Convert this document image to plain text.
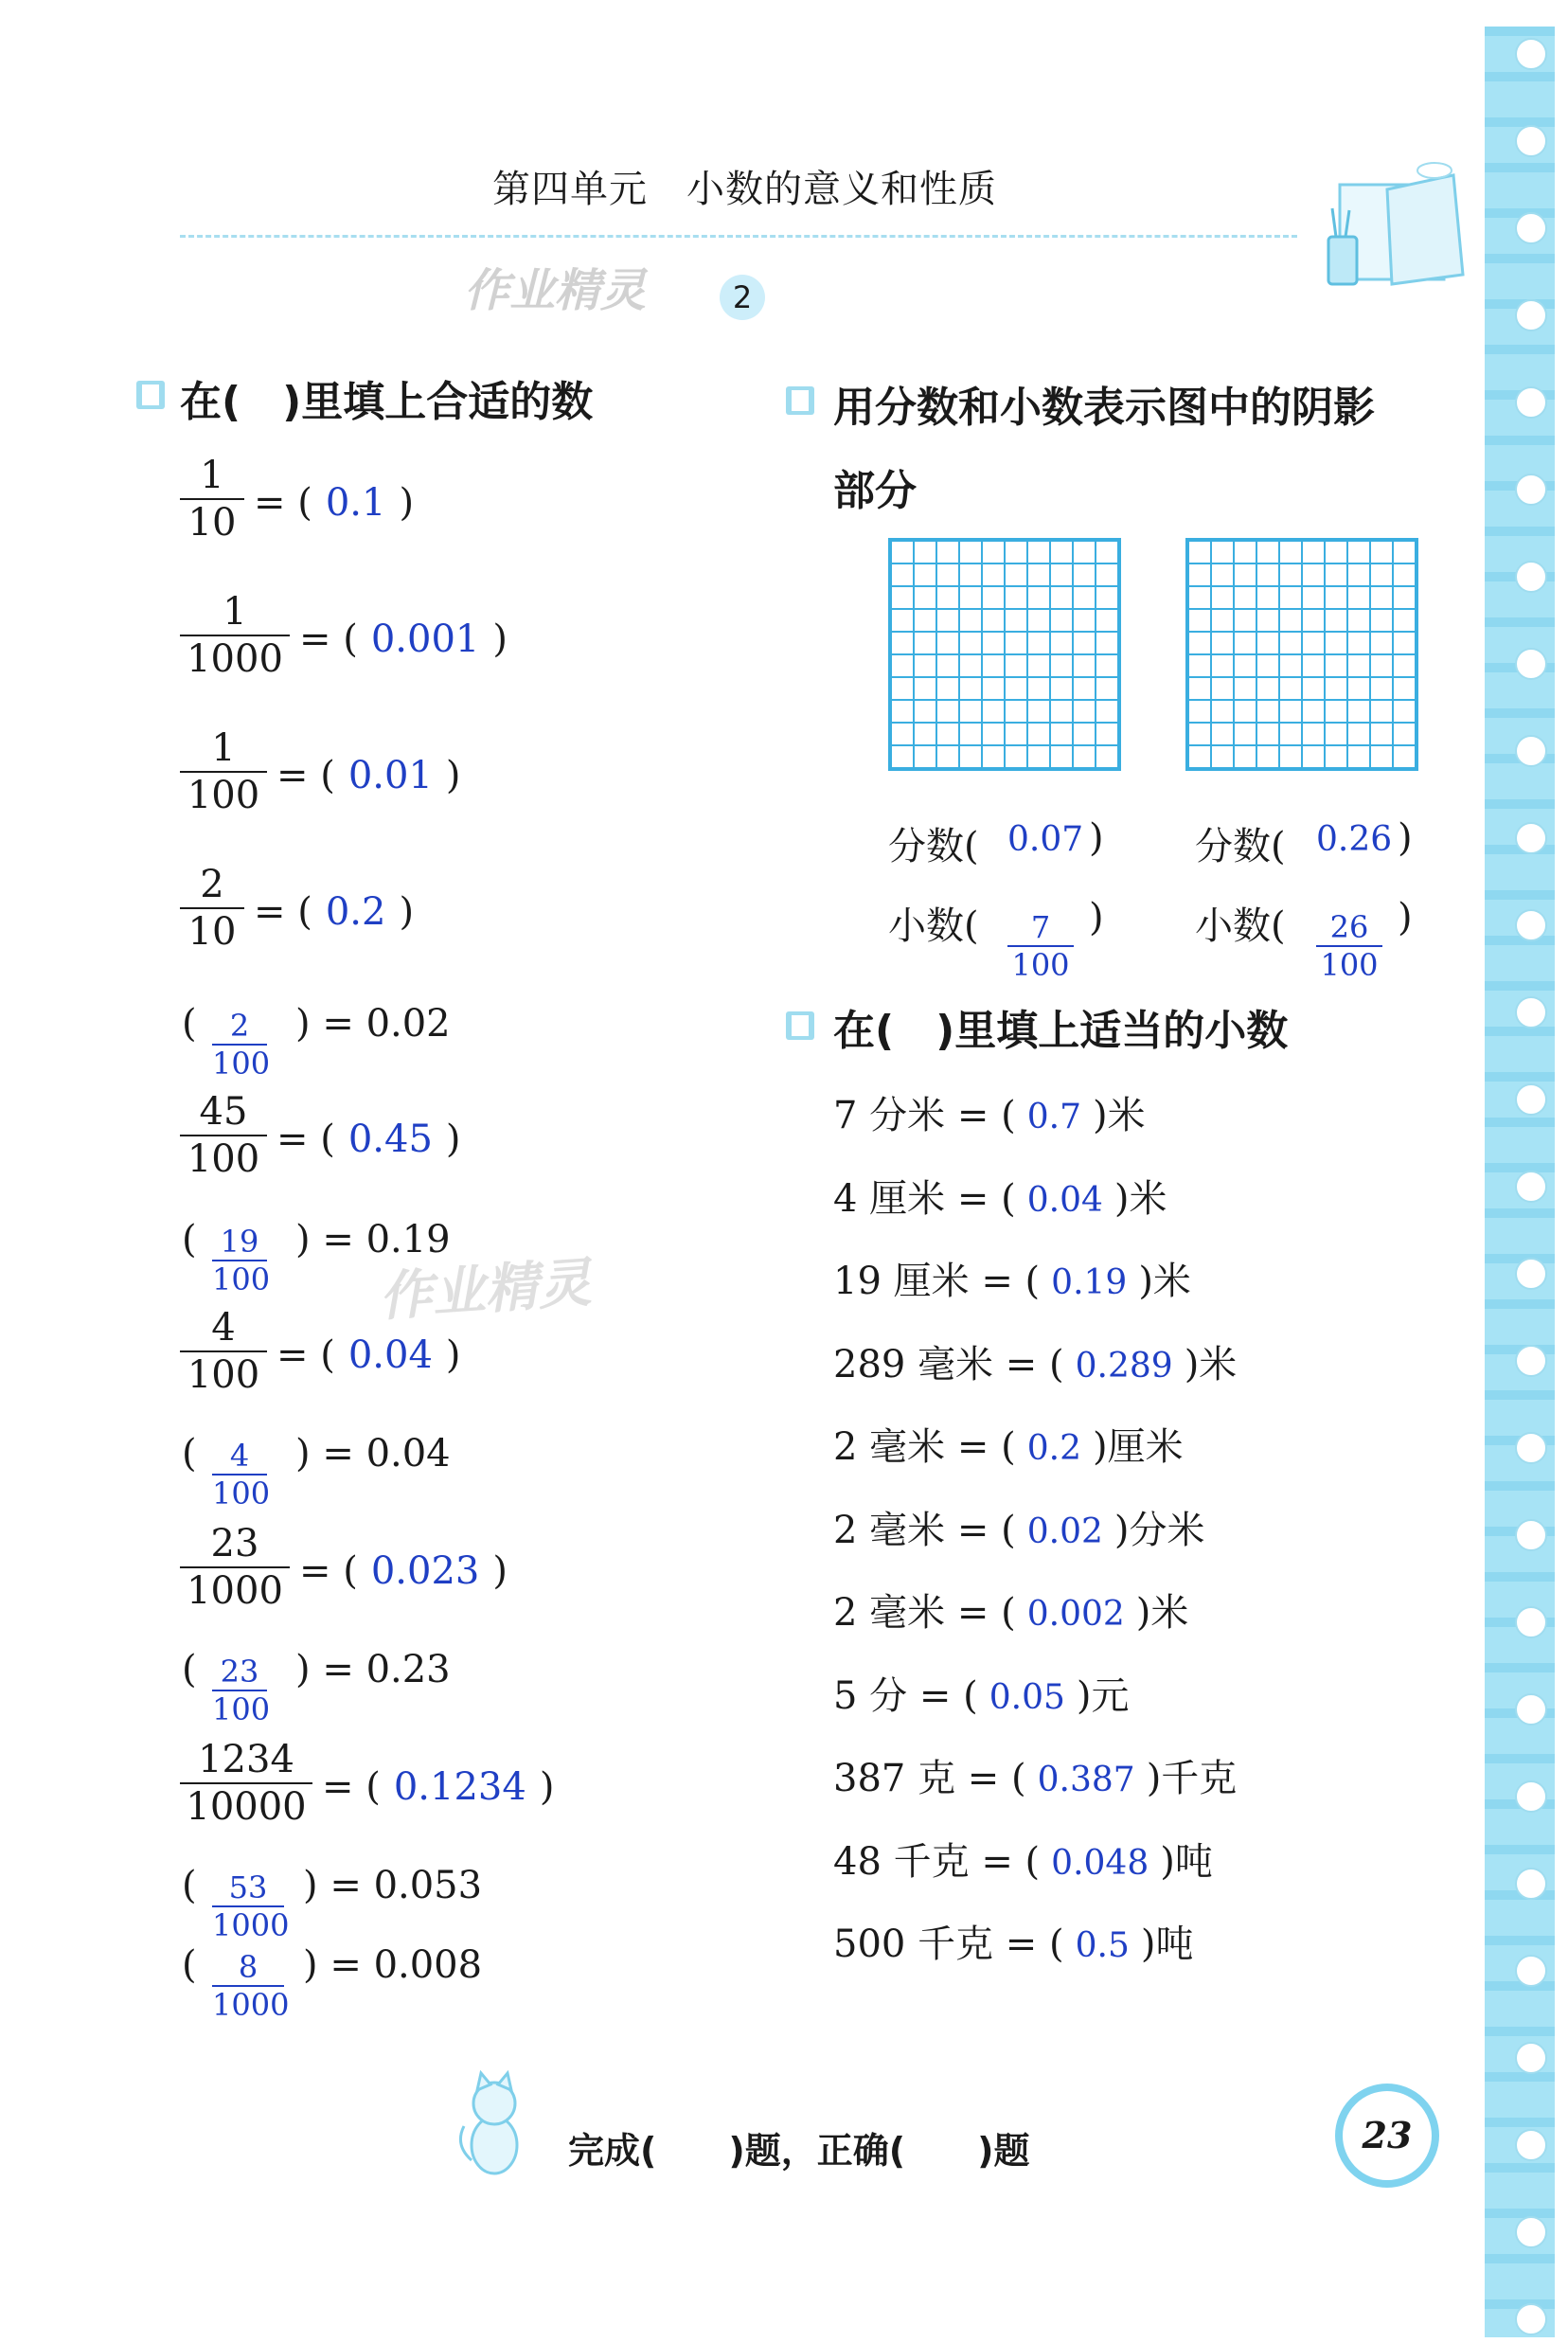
第四单元　小数的意义和性质
作业精灵	2
作业精灵
在(　)里填上合适的数
1
10 = ( 0.1 )
1
1000 = ( 0.001 )
1
100 = ( 0.01 )
2
10 = ( 0.2 )
(	2
100
) = 0.02
45
100 = ( 0.45 )
( 19
100
) = 0.19
4
100 = ( 0.04 )
(	4
100
) = 0.04
23
1000 = ( 0.023 )
( 23
100
) = 0.23
1234
10000 = ( 0.1234 )
(	53
1000
) = 0.053
(	8
1000
) = 0.008
用分数和小数表示图中的阴影
部分
分数( 0.07 ) 分数( 0.26 )
小数(	7
100
) 小数(	26
100
)
在(　)里填上适当的小数
7 分米 = ( 0.7 )米
4 厘米 = ( 0.04 )米
19 厘米 = ( 0.19 )米
289 毫米 = ( 0.289 )米
2 毫米 = ( 0.2 )厘米
2 毫米 = ( 0.02 )分米
2 毫米 = ( 0.002 )米
5 分 = ( 0.05 )元
387 克 = ( 0.387 )千克
48 千克 = ( 0.048 )吨
500 千克 = ( 0.5 )吨
完成(　　)题，正确(　　)题	23
